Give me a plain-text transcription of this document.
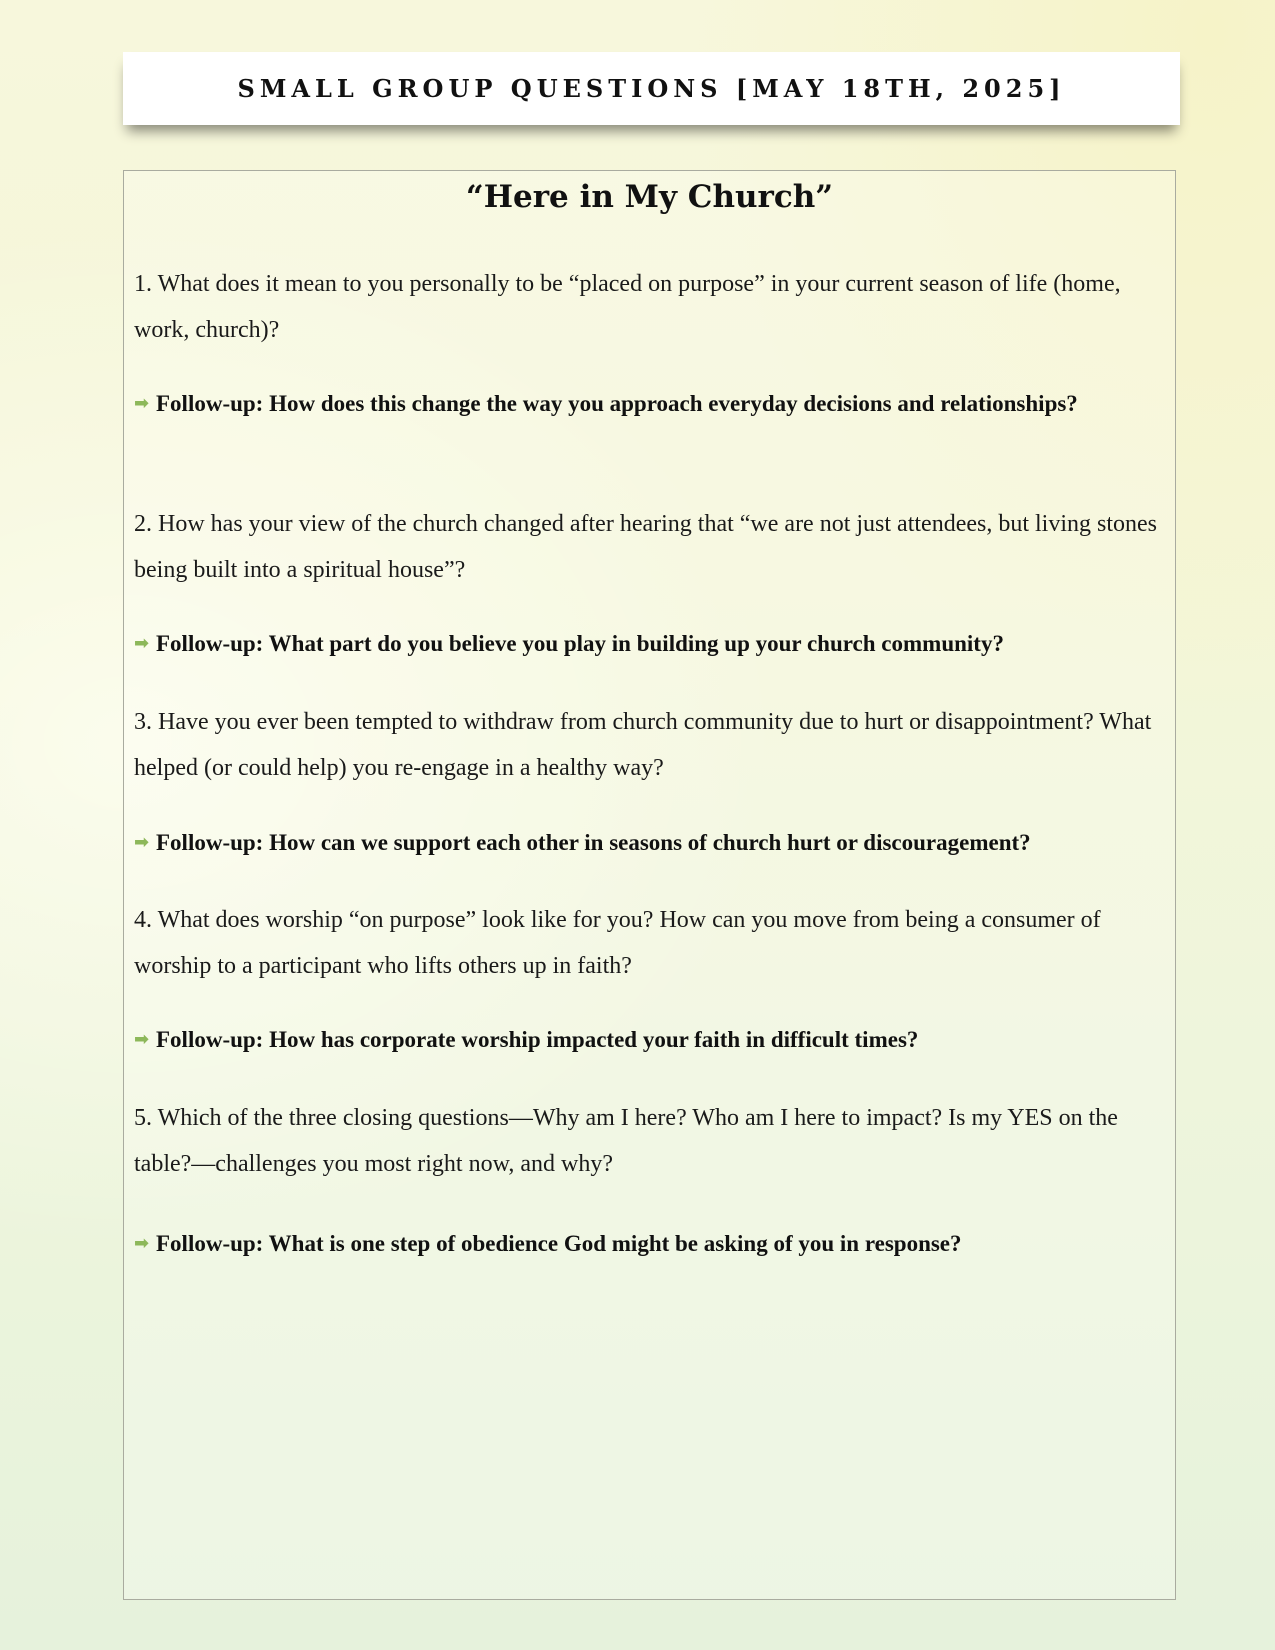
SMALL GROUP QUESTIONS [MAY 18TH, 2025]
“Here in My Church”
1. What does it mean to you personally to be “placed on purpose” in your current season of life (home, work, church)?
➡ Follow-up: How does this change the way you approach everyday decisions and relationships?
2. How has your view of the church changed after hearing that “we are not just attendees, but living stones being built into a spiritual house”?
➡ Follow-up: What part do you believe you play in building up your church community?
3. Have you ever been tempted to withdraw from church community due to hurt or disappointment? What helped (or could help) you re-engage in a healthy way?
➡ Follow-up: How can we support each other in seasons of church hurt or discouragement?
4. What does worship “on purpose” look like for you? How can you move from being a consumer of worship to a participant who lifts others up in faith?
➡ Follow-up: How has corporate worship impacted your faith in difficult times?
5. Which of the three closing questions—Why am I here? Who am I here to impact? Is my YES on the table?—challenges you most right now, and why?
➡ Follow-up: What is one step of obedience God might be asking of you in response?
